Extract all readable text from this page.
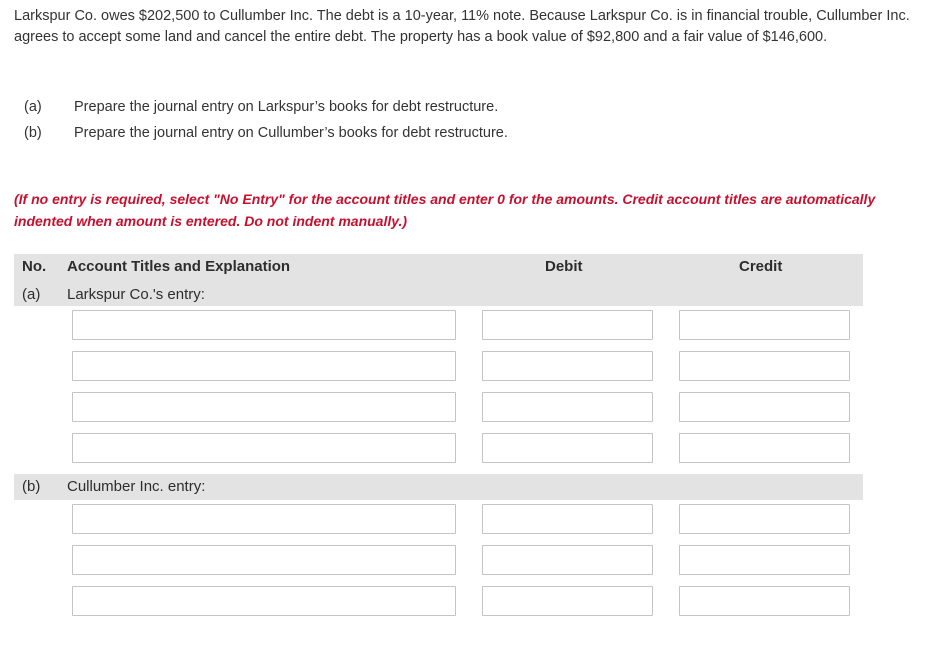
Larkspur Co. owes $202,500 to Cullumber Inc. The debt is a 10-year, 11% note. Because Larkspur Co. is in financial trouble, Cullumber Inc. agrees to accept some land and cancel the entire debt. The property has a book value of $92,800 and a fair value of $146,600.
(a)	Prepare the journal entry on Larkspur’s books for debt restructure.
(b)	Prepare the journal entry on Cullumber’s books for debt restructure.
(If no entry is required, select "No Entry" for the account titles and enter 0 for the amounts. Credit account titles are automatically indented when amount is entered. Do not indent manually.)
No. Account Titles and Explanation	Debit	Credit
(a) Larkspur Co.'s entry:
(b) Cullumber Inc. entry:
